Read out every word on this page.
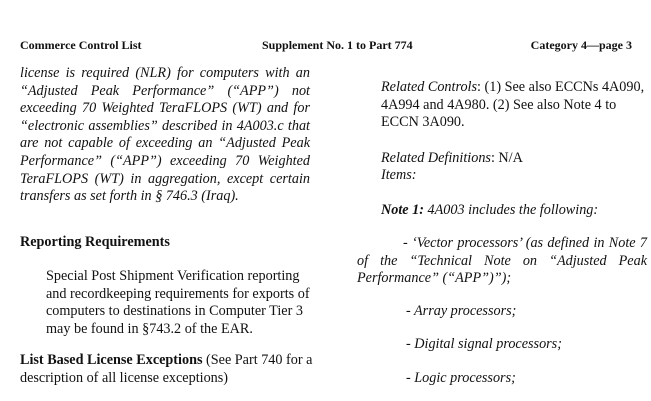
Commerce Control List	Supplement No. 1 to Part 774	Category 4—page 3
license is required (NLR) for computers with an “Adjusted Peak Performance” (“APP”) not exceeding 70 Weighted TeraFLOPS (WT) and for “electronic assemblies” described in 4A003.c that are not capable of exceeding an “Adjusted Peak Performance” (“APP”) exceeding 70 Weighted TeraFLOPS (WT) in aggregation, except certain transfers as set forth in § 746.3 (Iraq).
Reporting Requirements
Special Post Shipment Verification reporting and recordkeeping requirements for exports of computers to destinations in Computer Tier 3 may be found in §743.2 of the EAR.
List Based License Exceptions (See Part 740 for a description of all license exceptions)
Related Controls: (1) See also ECCNs 4A090, 4A994 and 4A980. (2) See also Note 4 to ECCN 3A090.
Related Definitions: N/A
Items:
Note 1: 4A003 includes the following:
- ‘Vector processors’ (as defined in Note 7 of the “Technical Note on “Adjusted Peak Performance” (“APP”)”);
- Array processors;
- Digital signal processors;
- Logic processors;
